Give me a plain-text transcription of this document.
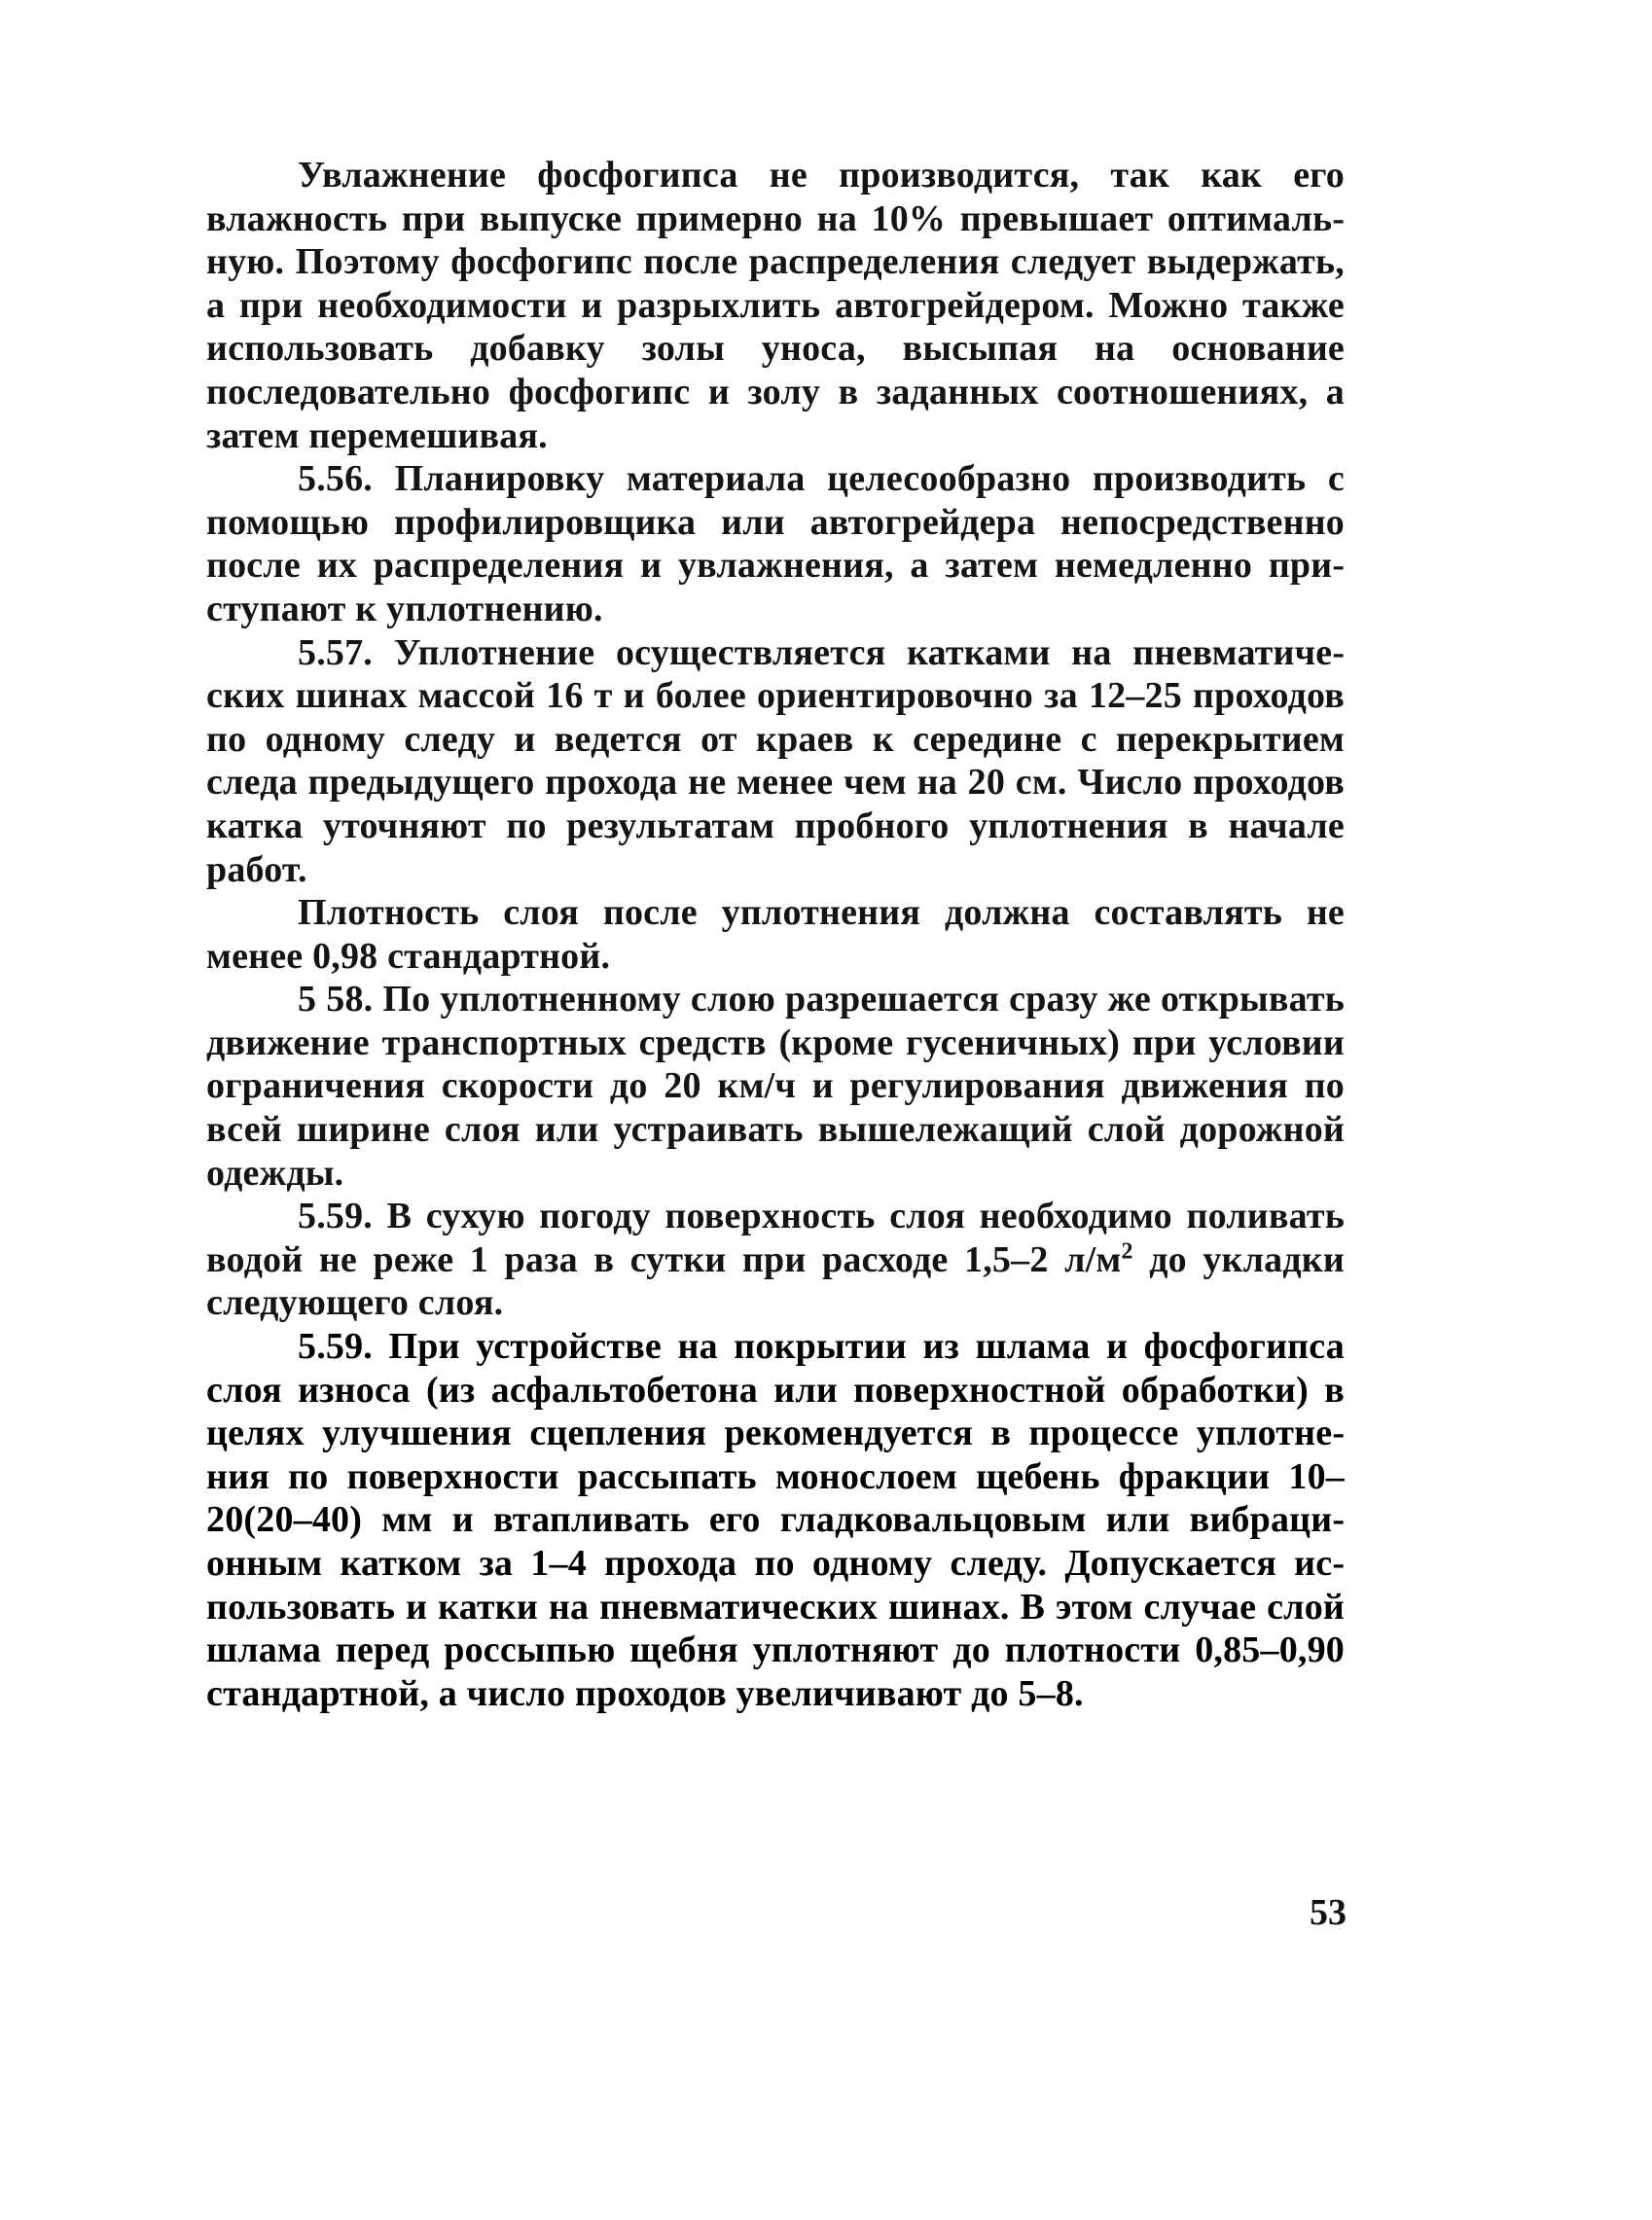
Увлажнение фосфогипса не производится, так как его влажность при выпуске примерно на 10% превышает оптимальную. Поэтому фосфогипс после распределения следует выдержать, а при необходимости и разрыхлить автогрейдером. Можно также использовать добавку золы уноса, высыпая на основание последовательно фосфогипс и золу в заданных соотношениях, а затем перемешивая.

5.56. Планировку материала целесообразно производить с помощью профилировщика или автогрейдера непосредственно после их распределения и увлажнения, а затем немедленно приступают к уплотнению.

5.57. Уплотнение осуществляется катками на пневматических шинах массой 16 т и более ориентировочно за 12–25 проходов по одному следу и ведется от краев к середине с перекрытием следа предыдущего прохода не менее чем на 20 см. Число проходов катка уточняют по результатам пробного уплотнения в начале работ.

Плотность слоя после уплотнения должна составлять не менее 0,98 стандартной.

5 58. По уплотненному слою разрешается сразу же открывать движение транспортных средств (кроме гусеничных) при условии ограничения скорости до 20 км/ч и регулирования движения по всей ширине слоя или устраивать вышележащий слой дорожной одежды.

5.59. В сухую погоду поверхность слоя необходимо поливать водой не реже 1 раза в сутки при расходе 1,5–2 $л/м^2$ до укладки следующего слоя.

5.59. При устройстве на покрытии из шлама и фосфогипса слоя износа (из асфальтобетона или поверхностной обработки) в целях улучшения сцепления рекомендуется в процессе уплотнения по поверхности рассыпать монослоем щебень фракции 10–20(20–40) мм и втапливать его гладковальцовым или вибрационным катком за 1–4 прохода по одному следу. Допускается использовать и катки на пневматических шинах. В этом случае слой шлама перед россыпью щебня уплотняют до плотности 0,85–0,90 стандартной, а число проходов увеличивают до 5–8.

53
